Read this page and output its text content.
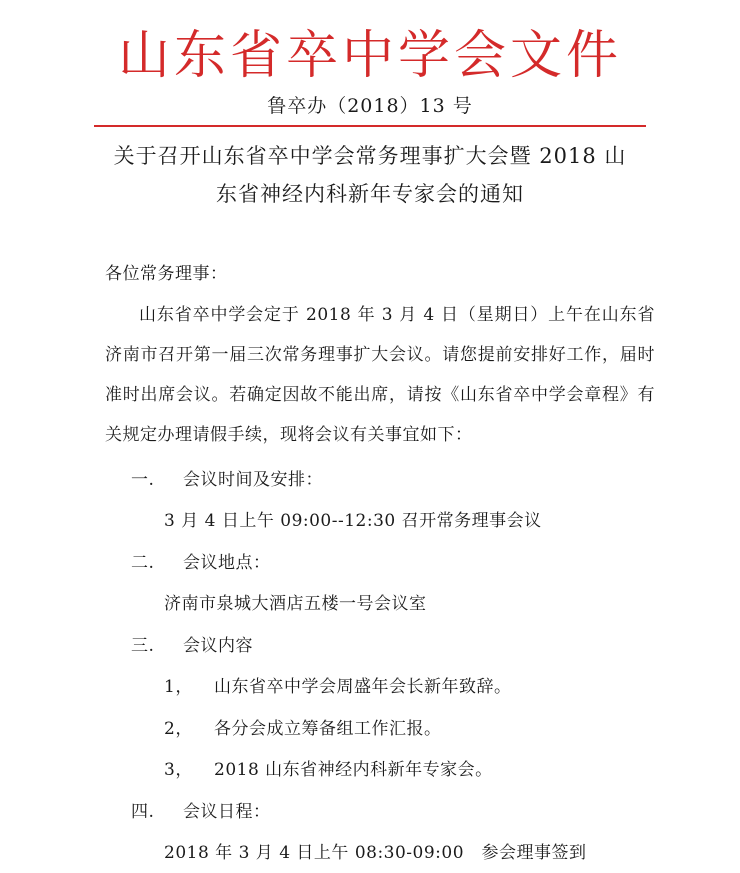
山东省卒中学会文件
鲁卒办（2018）13 号
关于召开山东省卒中学会常务理事扩大会暨 2018 山
东省神经内科新年专家会的通知
各位常务理事：
山东省卒中学会定于 2018 年 3 月 4 日（星期日）上午在山东省济南市召开第一届三次常务理事扩大会议。请您提前安排好工作，届时准时出席会议。若确定因故不能出席，请按《山东省卒中学会章程》有关规定办理请假手续，现将会议有关事宜如下：
一. 会议时间及安排：
3 月 4 日上午 09:00--12:30 召开常务理事会议
二. 会议地点：
济南市泉城大酒店五楼一号会议室
三. 会议内容
1， 山东省卒中学会周盛年会长新年致辞。
2， 各分会成立筹备组工作汇报。
3， 2018 山东省神经内科新年专家会。
四. 会议日程：
2018 年 3 月 4 日上午 08:30-09:00　参会理事签到
